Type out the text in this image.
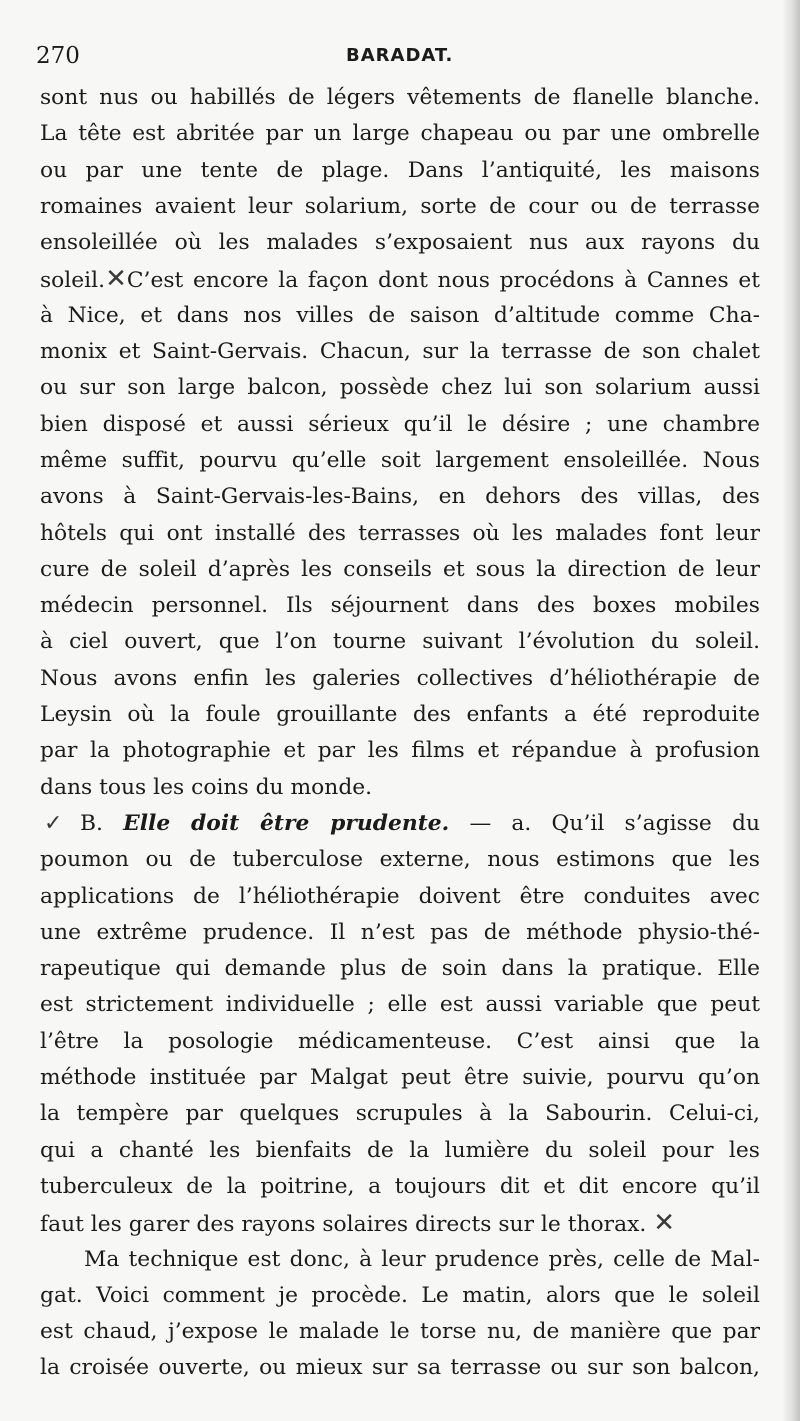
270	BARADAT.
sont nus ou habillés de légers vêtements de flanelle blanche.
La tête est abritée par un large chapeau ou par une ombrelle
ou par une tente de plage. Dans l’antiquité, les maisons
romaines avaient leur solarium, sorte de cour ou de terrasse
ensoleillée où les malades s’exposaient nus aux rayons du
soleil.✕C’est encore la façon dont nous procédons à Cannes et
à Nice, et dans nos villes de saison d’altitude comme Cha-
monix et Saint-Gervais. Chacun, sur la terrasse de son chalet
ou sur son large balcon, possède chez lui son solarium aussi
bien disposé et aussi sérieux qu’il le désire ; une chambre
même suffit, pourvu qu’elle soit largement ensoleillée. Nous
avons à Saint-Gervais-les-Bains, en dehors des villas, des
hôtels qui ont installé des terrasses où les malades font leur
cure de soleil d’après les conseils et sous la direction de leur
médecin personnel. Ils séjournent dans des boxes mobiles
à ciel ouvert, que l’on tourne suivant l’évolution du soleil.
Nous avons enfin les galeries collectives d’héliothérapie de
Leysin où la foule grouillante des enfants a été reproduite
par la photographie et par les films et répandue à profusion
dans tous les coins du monde.
✓ B. Elle doit être prudente. — a. Qu’il s’agisse du
poumon ou de tuberculose externe, nous estimons que les
applications de l’héliothérapie doivent être conduites avec
une extrême prudence. Il n’est pas de méthode physio-thé-
rapeutique qui demande plus de soin dans la pratique. Elle
est strictement individuelle ; elle est aussi variable que peut
l’être la posologie médicamenteuse. C’est ainsi que la
méthode instituée par Malgat peut être suivie, pourvu qu’on
la tempère par quelques scrupules à la Sabourin. Celui-ci,
qui a chanté les bienfaits de la lumière du soleil pour les
tuberculeux de la poitrine, a toujours dit et dit encore qu’il
faut les garer des rayons solaires directs sur le thorax. ✕
Ma technique est donc, à leur prudence près, celle de Mal-
gat. Voici comment je procède. Le matin, alors que le soleil
est chaud, j’expose le malade le torse nu, de manière que par
la croisée ouverte, ou mieux sur sa terrasse ou sur son balcon,
